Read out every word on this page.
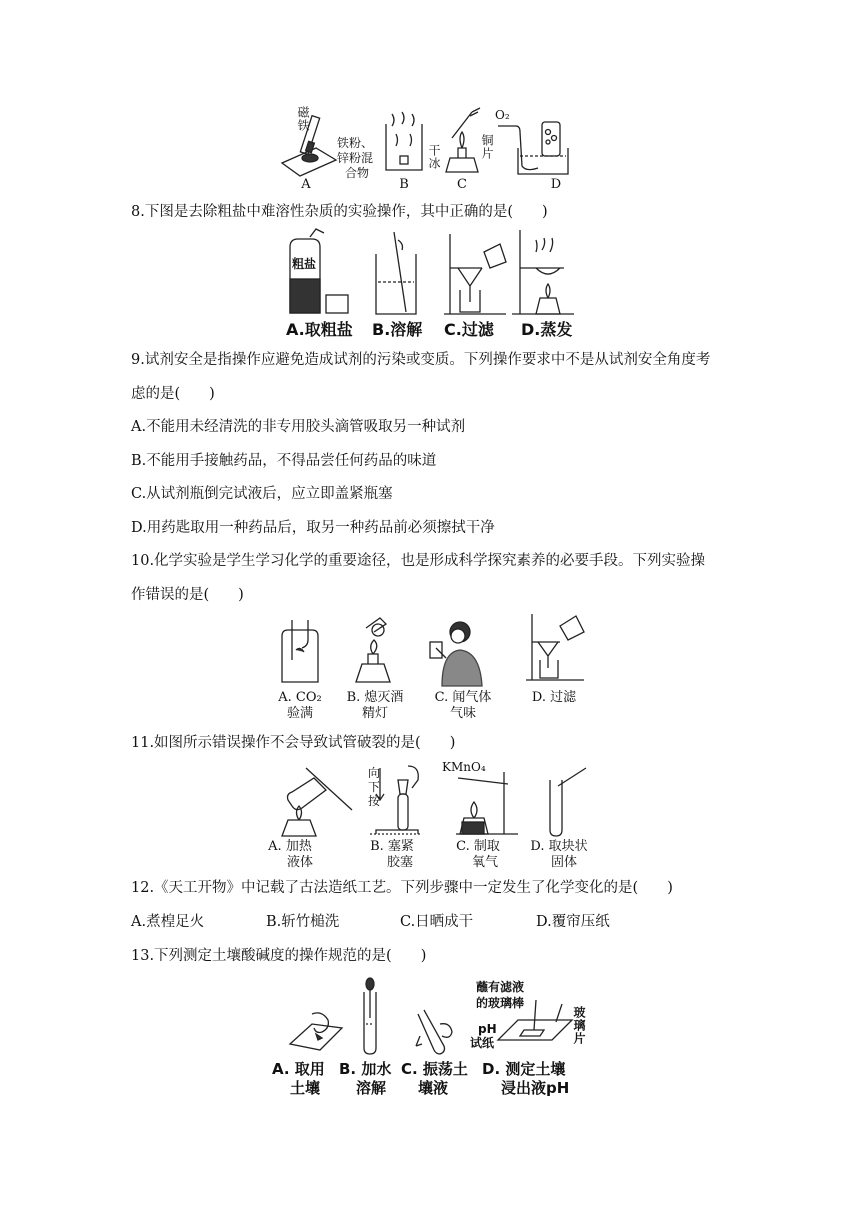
磁铁
铁粉、
锌粉混
合物
A
干冰
B
铜片
C
O₂
D
8.下图是去除粗盐中难溶性杂质的实验操作，其中正确的是(　　)
粗盐
A.取粗盐 B.溶解 C.过滤 D.蒸发
9.试剂安全是指操作应避免造成试剂的污染或变质。下列操作要求中不是从试剂安全角度考
虑的是(　　)
A.不能用未经清洗的非专用胶头滴管吸取另一种试剂
B.不能用手接触药品，不得品尝任何药品的味道
C.从试剂瓶倒完试液后，应立即盖紧瓶塞
D.用药匙取用一种药品后，取另一种药品前必须擦拭干净
10.化学实验是学生学习化学的重要途径，也是形成科学探究素养的必要手段。下列实验操
作错误的是(　　)
A. CO₂
验满
B. 熄灭酒
精灯
C. 闻气体
气味
D. 过滤
11.如图所示错误操作不会导致试管破裂的是(　　)
向下按
KMnO₄
A. 加热
液体
B. 塞紧
胶塞
C. 制取
氧气
D. 取块状
固体
12.《天工开物》中记载了古法造纸工艺。下列步骤中一定发生了化学变化的是(　　)
A.煮楻足火	B.斩竹槌洗	C.日晒成干	D.覆帘压纸
13.下列测定土壤酸碱度的操作规范的是(　　)
蘸有滤液
的玻璃棒
pH
试纸	玻璃片
A. 取用
土壤
B. 加水
溶解
C. 振荡土
壤液
D. 测定土壤
浸出液pH
